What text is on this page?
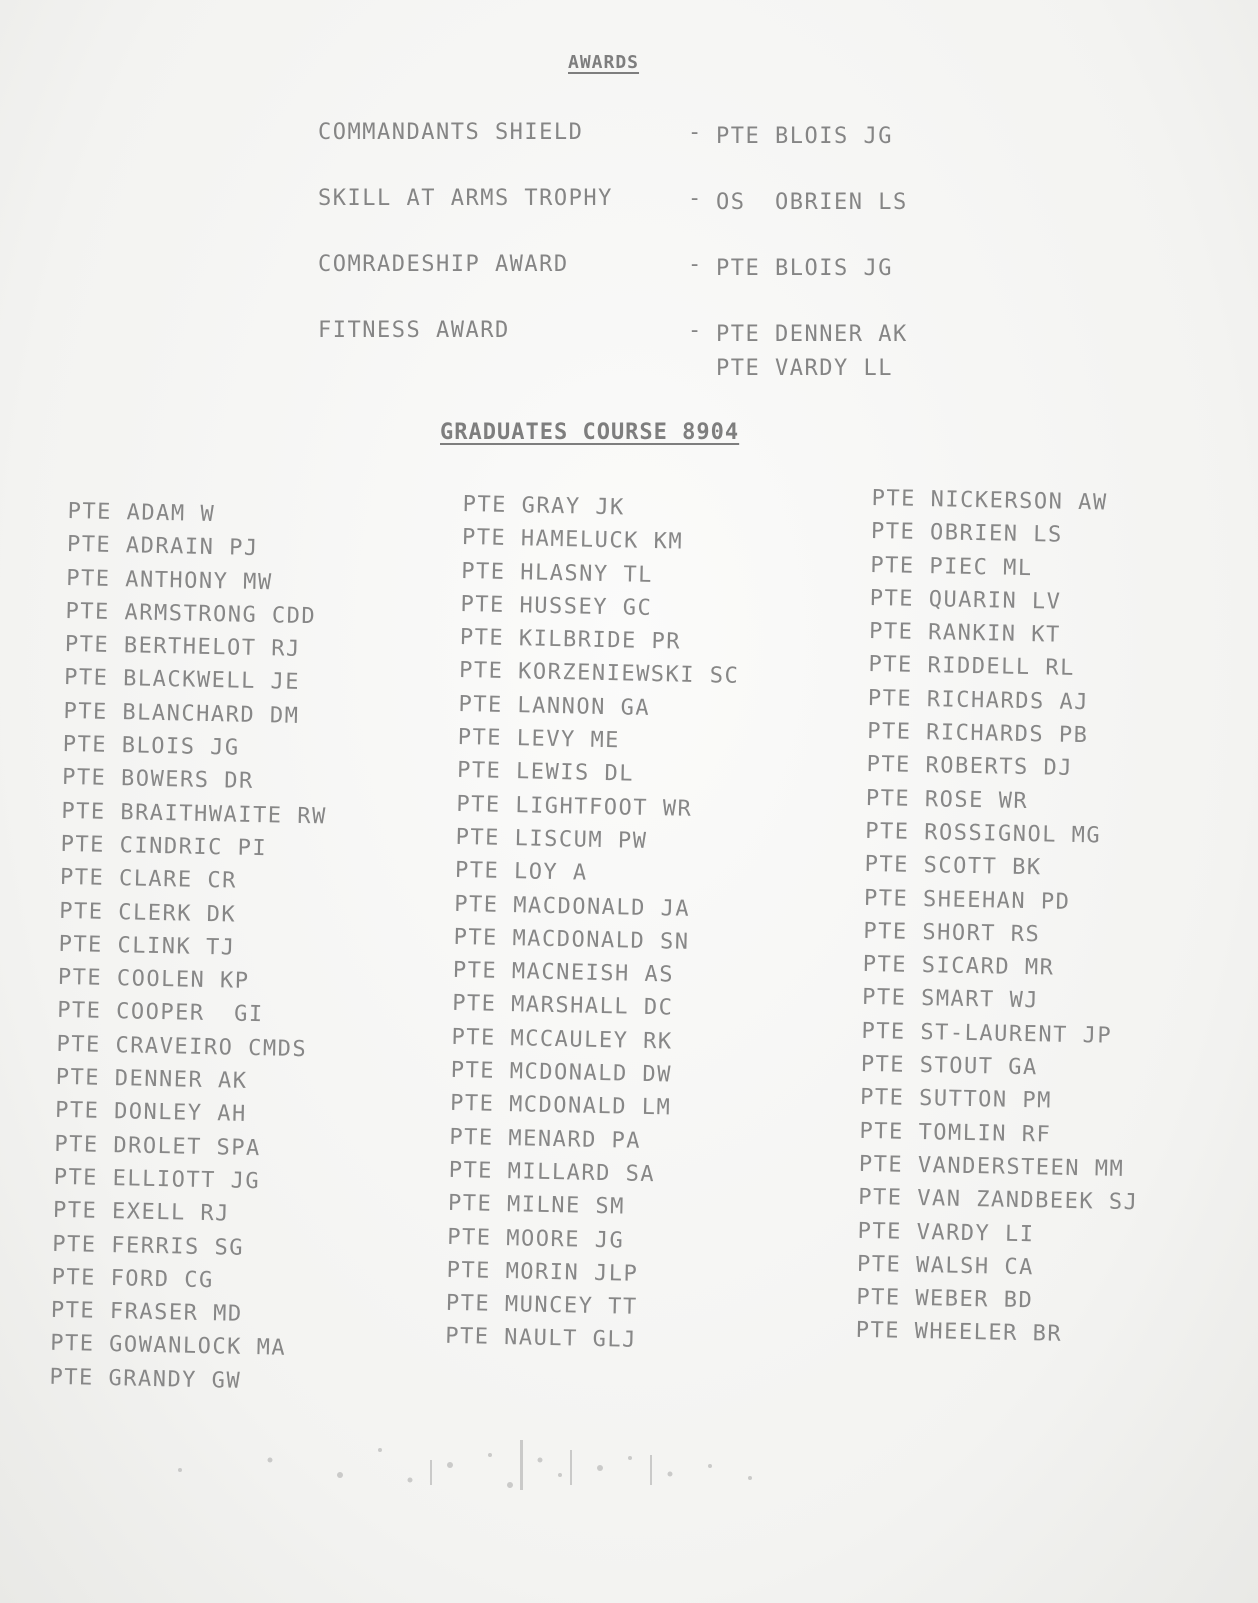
AWARDS
COMMANDANTS SHIELD	- PTE BLOIS JG
SKILL AT ARMS TROPHY	- OS  OBRIEN LS
COMRADESHIP AWARD	- PTE BLOIS JG
FITNESS AWARD	- PTE DENNER AK
PTE VARDY LL
GRADUATES COURSE 8904
PTE ADAM W
PTE ADRAIN PJ
PTE ANTHONY MW
PTE ARMSTRONG CDD
PTE BERTHELOT RJ
PTE BLACKWELL JE
PTE BLANCHARD DM
PTE BLOIS JG
PTE BOWERS DR
PTE BRAITHWAITE RW
PTE CINDRIC PI
PTE CLARE CR
PTE CLERK DK
PTE CLINK TJ
PTE COOLEN KP
PTE COOPER  GI
PTE CRAVEIRO CMDS
PTE DENNER AK
PTE DONLEY AH
PTE DROLET SPA
PTE ELLIOTT JG
PTE EXELL RJ
PTE FERRIS SG
PTE FORD CG
PTE FRASER MD
PTE GOWANLOCK MA
PTE GRANDY GW
PTE GRAY JK
PTE HAMELUCK KM
PTE HLASNY TL
PTE HUSSEY GC
PTE KILBRIDE PR
PTE KORZENIEWSKI SC
PTE LANNON GA
PTE LEVY ME
PTE LEWIS DL
PTE LIGHTFOOT WR
PTE LISCUM PW
PTE LOY A
PTE MACDONALD JA
PTE MACDONALD SN
PTE MACNEISH AS
PTE MARSHALL DC
PTE MCCAULEY RK
PTE MCDONALD DW
PTE MCDONALD LM
PTE MENARD PA
PTE MILLARD SA
PTE MILNE SM
PTE MOORE JG
PTE MORIN JLP
PTE MUNCEY TT
PTE NAULT GLJ
PTE NICKERSON AW
PTE OBRIEN LS
PTE PIEC ML
PTE QUARIN LV
PTE RANKIN KT
PTE RIDDELL RL
PTE RICHARDS AJ
PTE RICHARDS PB
PTE ROBERTS DJ
PTE ROSE WR
PTE ROSSIGNOL MG
PTE SCOTT BK
PTE SHEEHAN PD
PTE SHORT RS
PTE SICARD MR
PTE SMART WJ
PTE ST-LAURENT JP
PTE STOUT GA
PTE SUTTON PM
PTE TOMLIN RF
PTE VANDERSTEEN MM
PTE VAN ZANDBEEK SJ
PTE VARDY LI
PTE WALSH CA
PTE WEBER BD
PTE WHEELER BR
